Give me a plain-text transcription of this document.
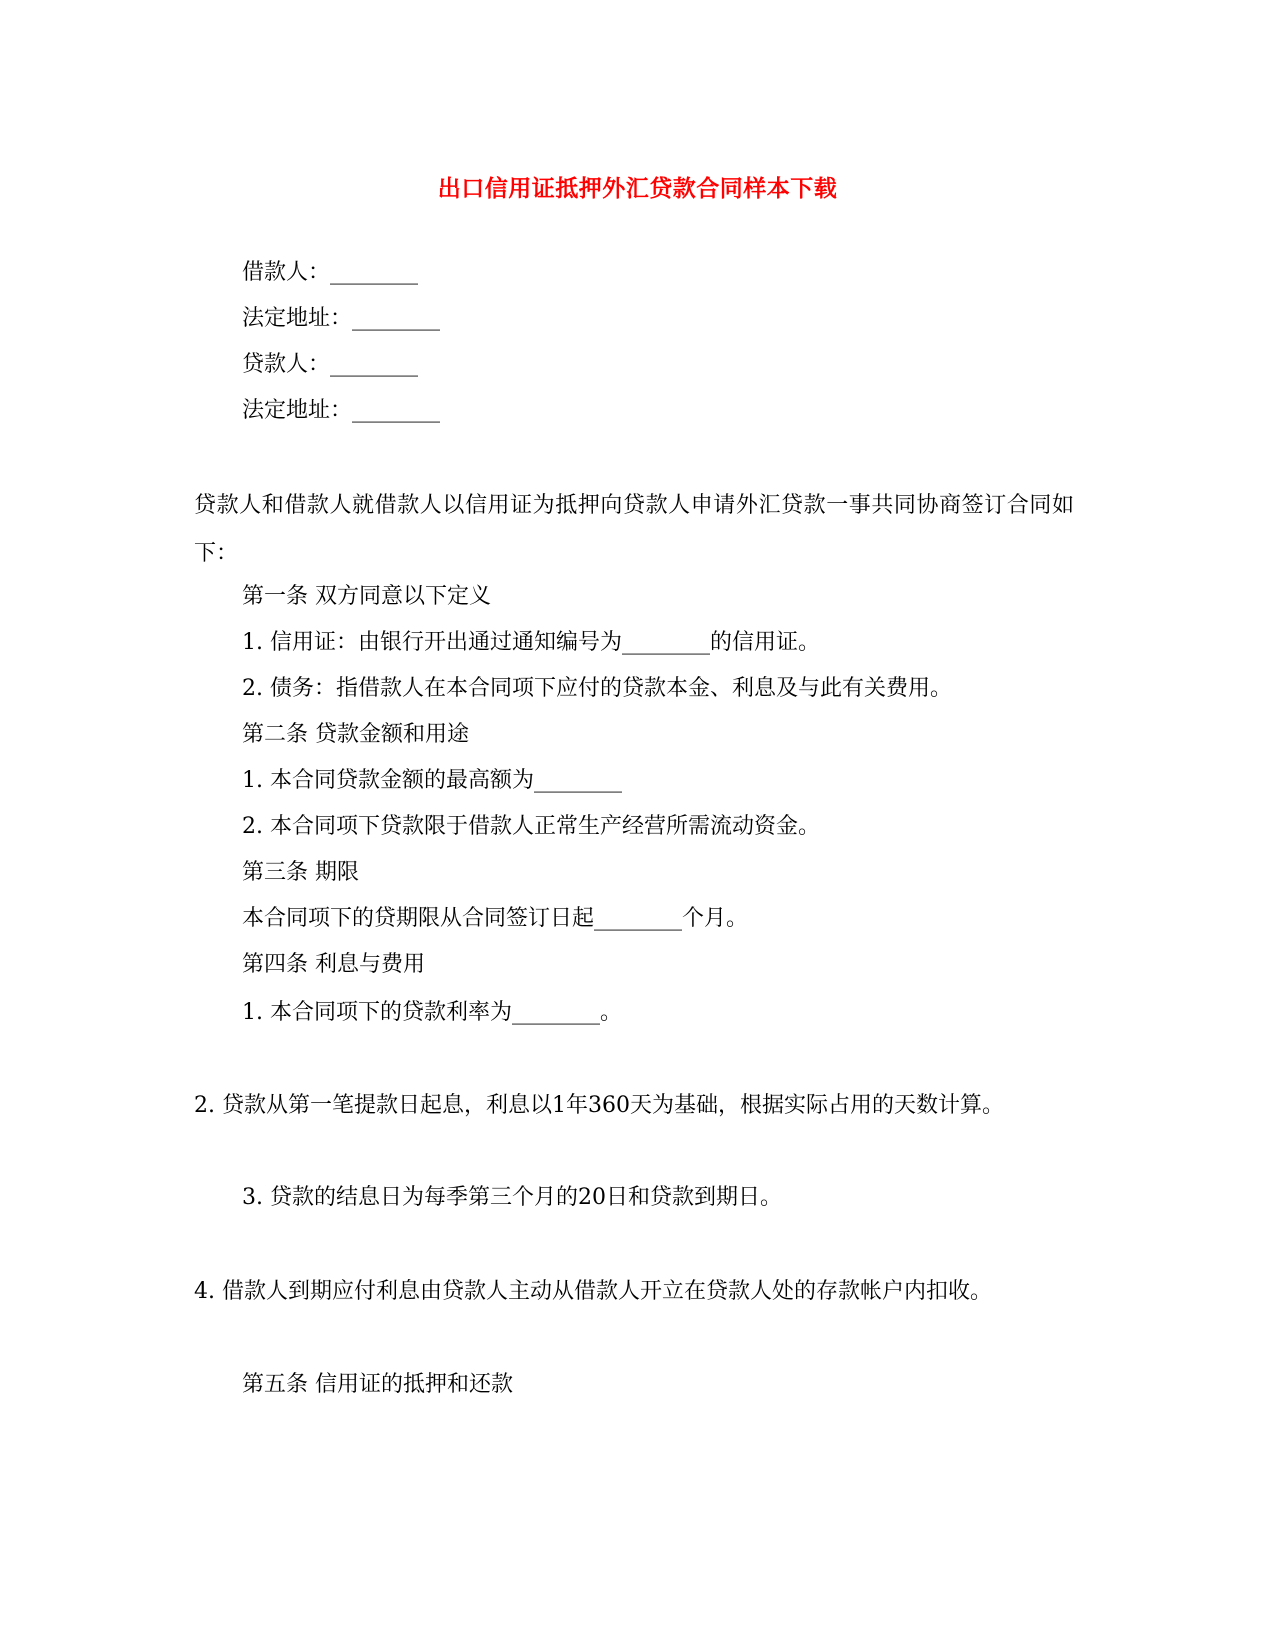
出口信用证抵押外汇贷款合同样本下载
借款人：________
法定地址：________
贷款人：________
法定地址：________
贷款人和借款人就借款人以信用证为抵押向贷款人申请外汇贷款一事共同协商签订合同如下：
第一条 双方同意以下定义
1. 信用证：由银行开出通过通知编号为________的信用证。
2. 债务：指借款人在本合同项下应付的贷款本金、利息及与此有关费用。
第二条 贷款金额和用途
1. 本合同贷款金额的最高额为________
2. 本合同项下贷款限于借款人正常生产经营所需流动资金。
第三条 期限
本合同项下的贷期限从合同签订日起________个月。
第四条 利息与费用
1. 本合同项下的贷款利率为________。
2. 贷款从第一笔提款日起息，利息以1年360天为基础，根据实际占用的天数计算。
3. 贷款的结息日为每季第三个月的20日和贷款到期日。
4. 借款人到期应付利息由贷款人主动从借款人开立在贷款人处的存款帐户内扣收。
第五条 信用证的抵押和还款
